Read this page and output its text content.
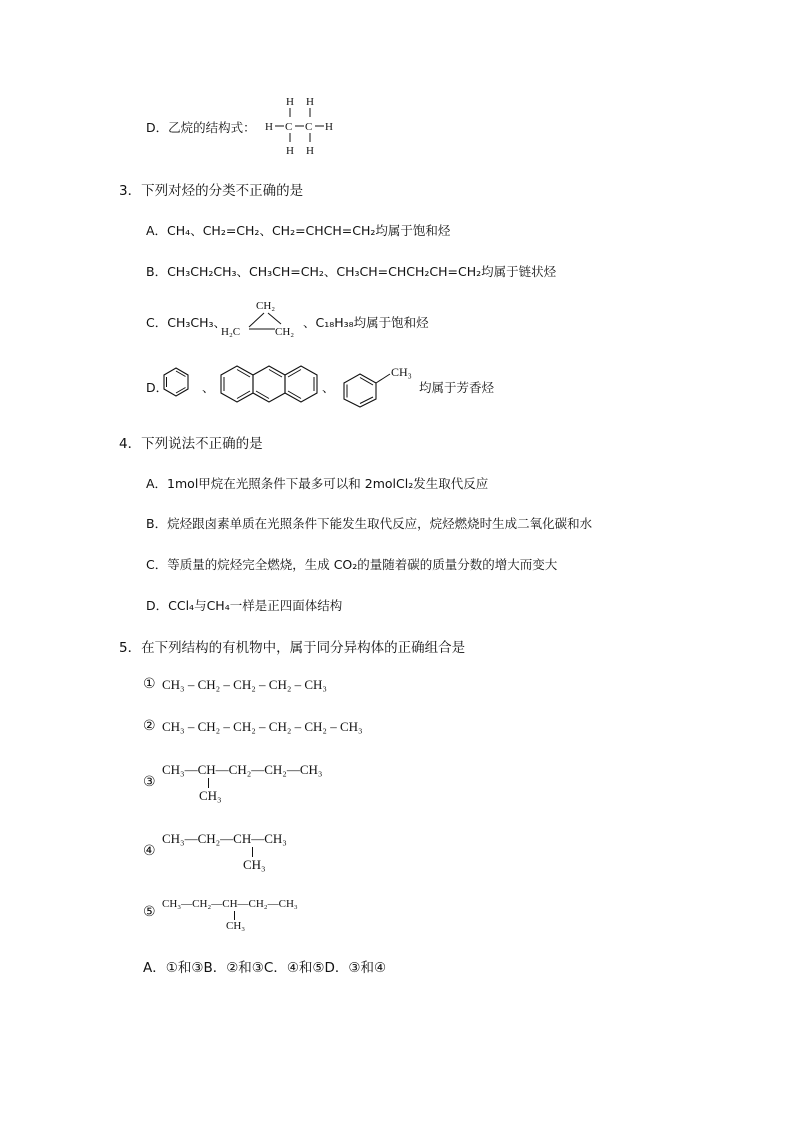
D．乙烷的结构式：
H H
H C C H
H H
3．下列对烃的分类不正确的是
A．CH₄、CH₂=CH₂、CH₂=CHCH=CH₂均属于饱和烃
B．CH₃CH₂CH₃、CH₃CH=CH₂、CH₃CH=CHCH₂CH=CH₂均属于链状烃
C．CH₃CH₃、
CH₂
H₂C	CH₂
、C₁₈H₃₈均属于饱和烃
D．	、	、
CH₃
均属于芳香烃
4．下列说法不正确的是
A．1mol甲烷在光照条件下最多可以和 2molCl₂发生取代反应
B．烷烃跟卤素单质在光照条件下能发生取代反应，烷烃燃烧时生成二氧化碳和水
C．等质量的烷烃完全燃烧，生成 CO₂的量随着碳的质量分数的增大而变大
D．CCl₄与CH₄一样是正四面体结构
5．在下列结构的有机物中，属于同分异构体的正确组合是
① CH₃ – CH₂ – CH₂ – CH₂ – CH₃
② CH₃ – CH₂ – CH₂ – CH₂ – CH₂ – CH₃
③
CH₃—CH—CH₂—CH₂—CH₃
CH₃
④
CH₃—CH₂—CH—CH₃
CH₃
⑤ CH₃—CH₂—CH—CH₂—CH₃
CH₃
A．①和③B．②和③C．④和⑤D．③和④
